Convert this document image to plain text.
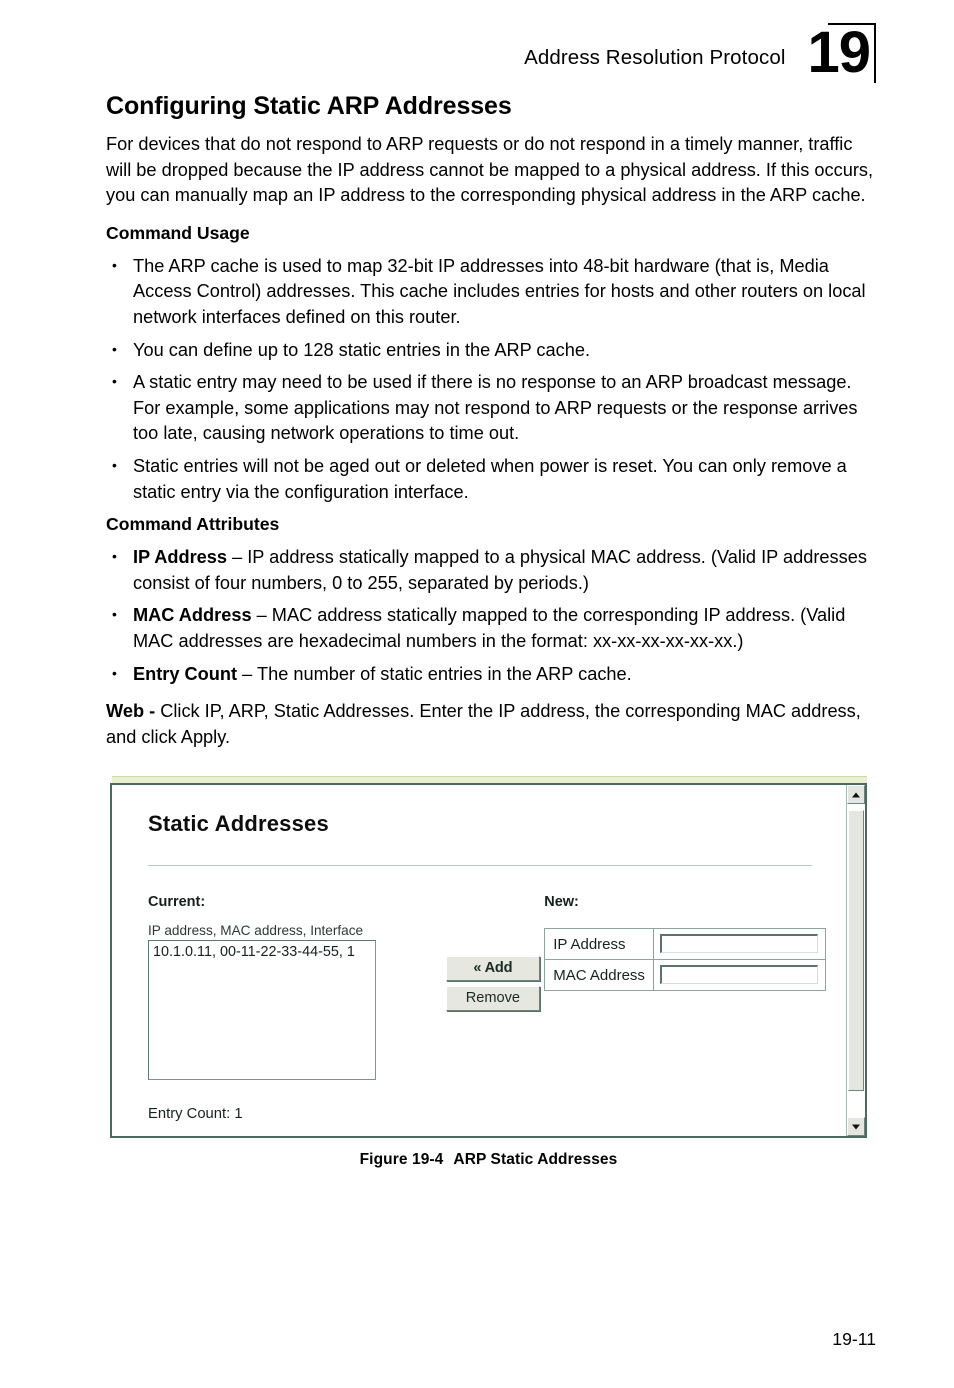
Address Resolution Protocol 19
Configuring Static ARP Addresses

For devices that do not respond to ARP requests or do not respond in a timely manner, traffic will be dropped because the IP address cannot be mapped to a physical address. If this occurs, you can manually map an IP address to the corresponding physical address in the ARP cache.

Command Usage
• The ARP cache is used to map 32-bit IP addresses into 48-bit hardware (that is, Media Access Control) addresses. This cache includes entries for hosts and other routers on local network interfaces defined on this router.
• You can define up to 128 static entries in the ARP cache.
• A static entry may need to be used if there is no response to an ARP broadcast message. For example, some applications may not respond to ARP requests or the response arrives too late, causing network operations to time out.
• Static entries will not be aged out or deleted when power is reset. You can only remove a static entry via the configuration interface.
Command Attributes
• IP Address – IP address statically mapped to a physical MAC address. (Valid IP addresses consist of four numbers, 0 to 255, separated by periods.)
• MAC Address – MAC address statically mapped to the corresponding IP address. (Valid MAC addresses are hexadecimal numbers in the format: xx-xx-xx-xx-xx-xx.)
• Entry Count – The number of static entries in the ARP cache.

Web - Click IP, ARP, Static Addresses. Enter the IP address, the corresponding MAC address, and click Apply.

Static Addresses
Current:
IP address, MAC address, Interface
10.1.0.11, 00-11-22-33-44-55, 1
« Add
Remove
New:
IP Address	
MAC Address	
Entry Count: 1
Figure 19-4 ARP Static Addresses
19-11
